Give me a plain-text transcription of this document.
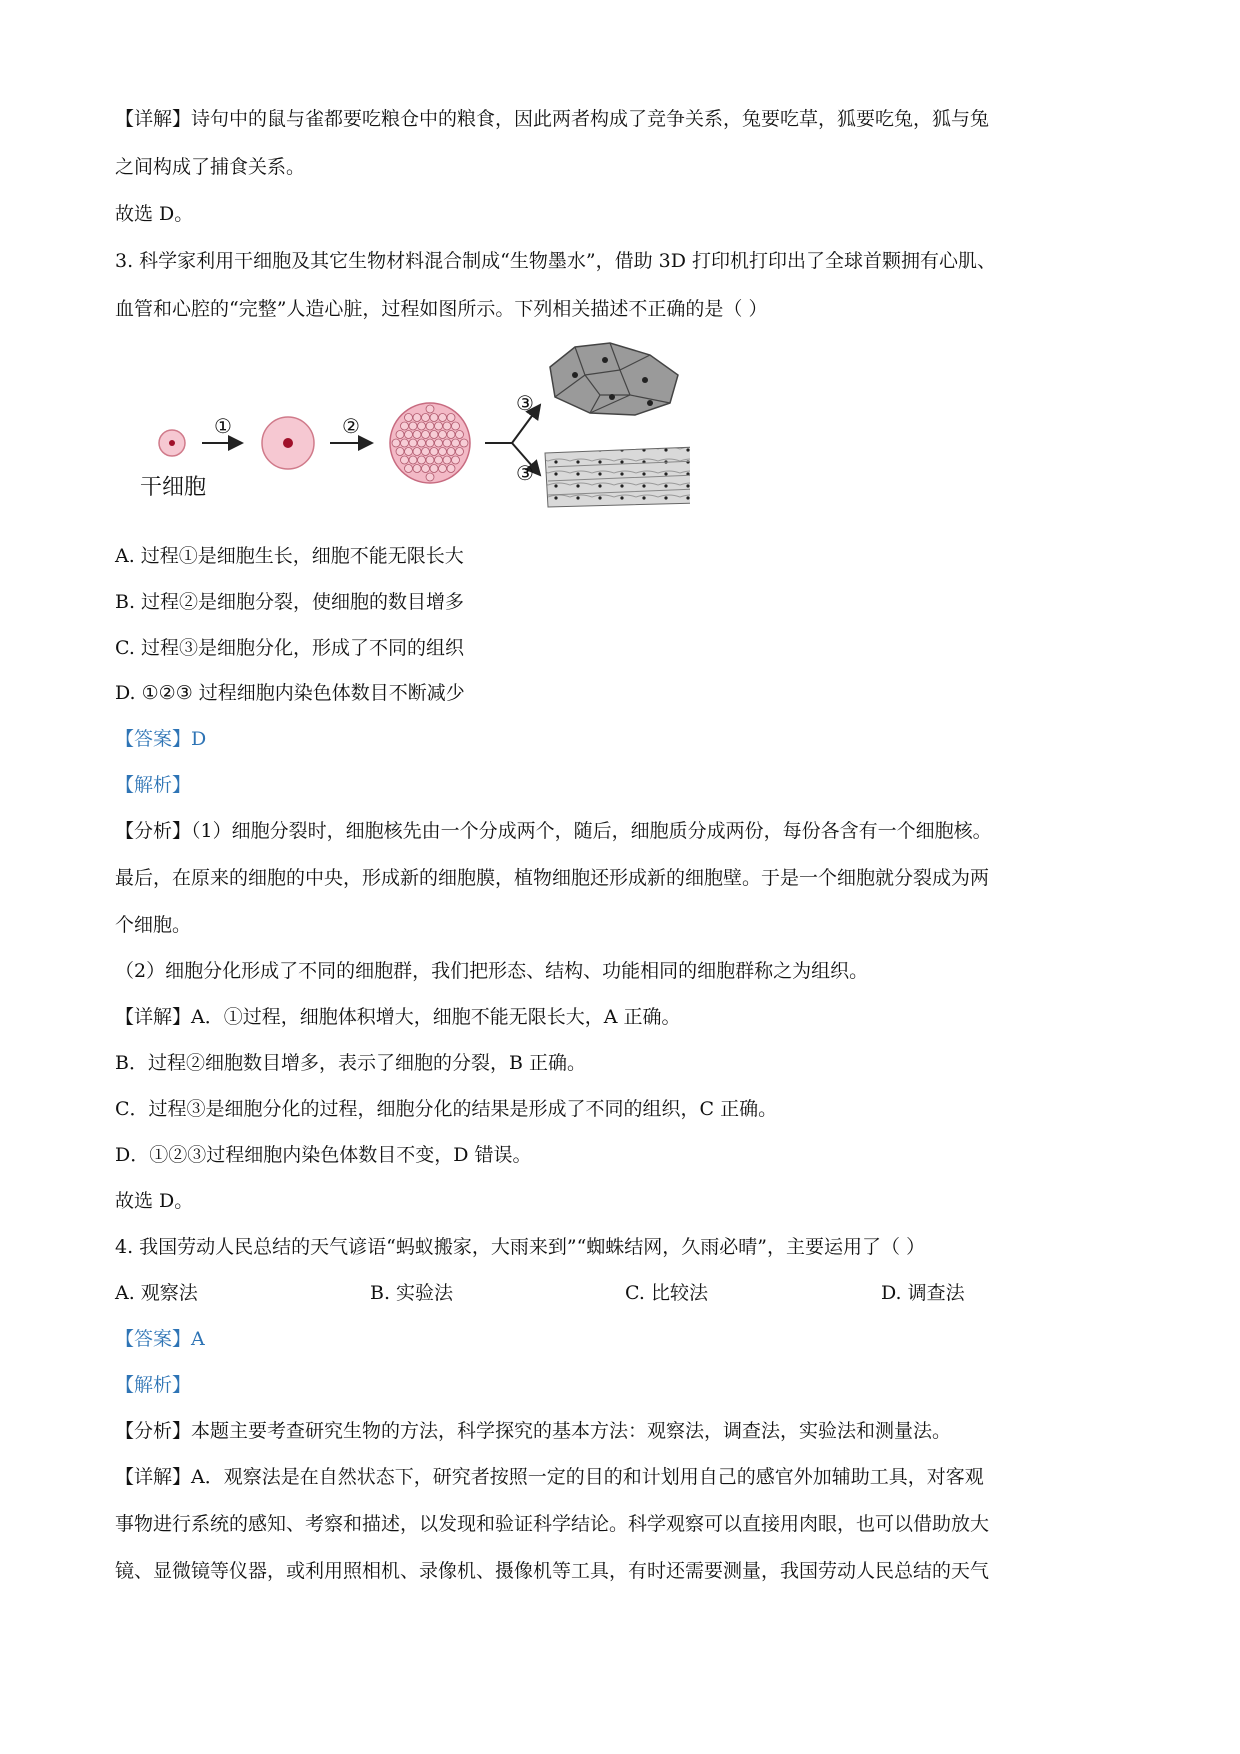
【详解】诗句中的鼠与雀都要吃粮仓中的粮食，因此两者构成了竞争关系，兔要吃草，狐要吃兔，狐与兔
之间构成了捕食关系。
故选 D。
3. 科学家利用干细胞及其它生物材料混合制成“生物墨水”，借助 3D 打印机打印出了全球首颗拥有心肌、
血管和心腔的“完整”人造心脏，过程如图所示。下列相关描述不正确的是（ ）
干细胞
①	②
③
③
A. 过程①是细胞生长，细胞不能无限长大
B. 过程②是细胞分裂，使细胞的数目增多
C. 过程③是细胞分化，形成了不同的组织
D. ①②③ 过程细胞内染色体数目不断减少
【答案】D
【解析】
【分析】（1）细胞分裂时，细胞核先由一个分成两个，随后，细胞质分成两份，每份各含有一个细胞核。
最后，在原来的细胞的中央，形成新的细胞膜，植物细胞还形成新的细胞壁。于是一个细胞就分裂成为两
个细胞。
（2）细胞分化形成了不同的细胞群，我们把形态、结构、功能相同的细胞群称之为组织。
【详解】A．①过程，细胞体积增大，细胞不能无限长大，A 正确。
B．过程②细胞数目增多，表示了细胞的分裂，B 正确。
C．过程③是细胞分化的过程，细胞分化的结果是形成了不同的组织，C 正确。
D．①②③过程细胞内染色体数目不变，D 错误。
故选 D。
4. 我国劳动人民总结的天气谚语“蚂蚁搬家，大雨来到”“蜘蛛结网，久雨必晴”，主要运用了（ ）
A. 观察法	B. 实验法	C. 比较法	D. 调查法
【答案】A
【解析】
【分析】本题主要考查研究生物的方法，科学探究的基本方法：观察法，调查法，实验法和测量法。
【详解】A．观察法是在自然状态下，研究者按照一定的目的和计划用自己的感官外加辅助工具，对客观
事物进行系统的感知、考察和描述，以发现和验证科学结论。科学观察可以直接用肉眼，也可以借助放大
镜、显微镜等仪器，或利用照相机、录像机、摄像机等工具，有时还需要测量，我国劳动人民总结的天气
